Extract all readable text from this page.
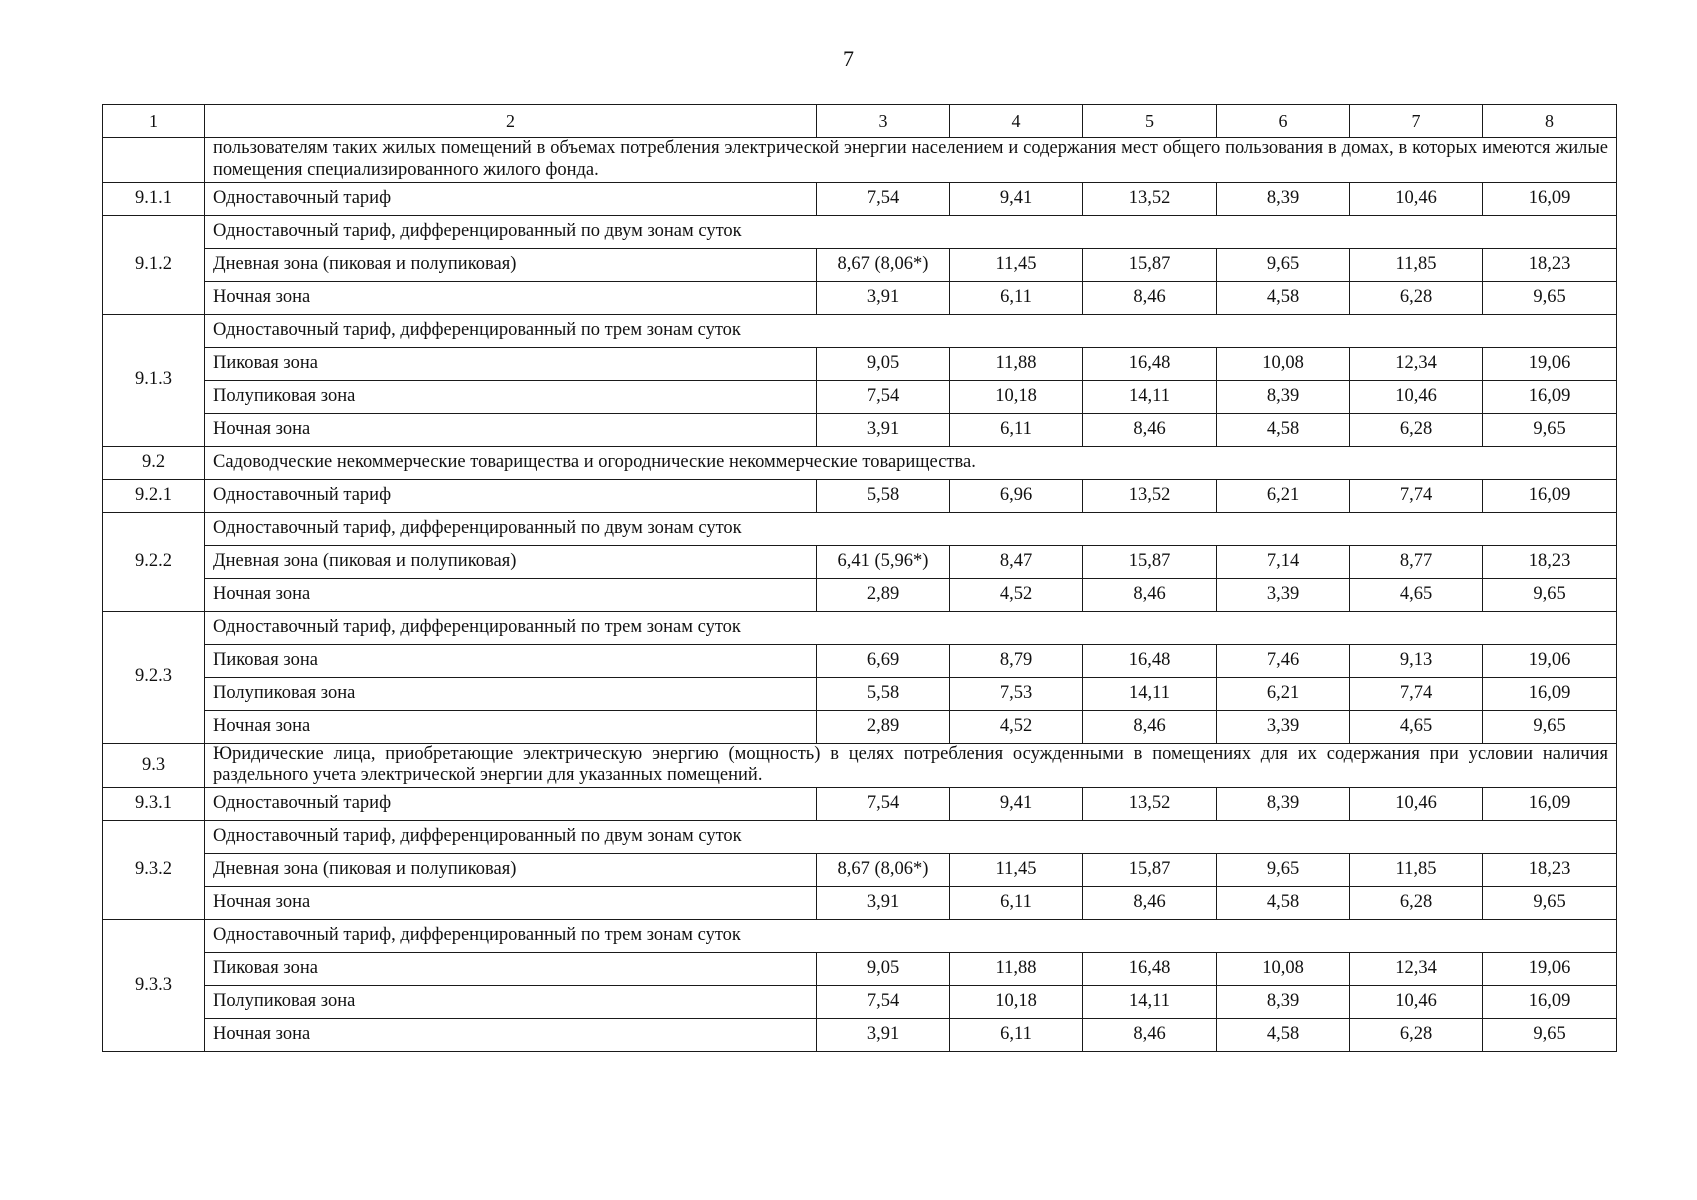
7
1	2	3	4	5	6	7	8
	пользователям таких жилых помещений в объемах потребления электрической энергии населением и содержания мест общего пользования в домах, в которых имеются жилые помещения специализированного жилого фонда.						
9.1.1	Одноставочный тариф	7,54	9,41	13,52	8,39	10,46	16,09
9.1.2	Одноставочный тариф, дифференцированный по двум зонам суток						
	Дневная зона (пиковая и полупиковая)	8,67 (8,06*)	11,45	15,87	9,65	11,85	18,23
	Ночная зона	3,91	6,11	8,46	4,58	6,28	9,65
9.1.3	Одноставочный тариф, дифференцированный по трем зонам суток						
	Пиковая зона	9,05	11,88	16,48	10,08	12,34	19,06
	Полупиковая зона	7,54	10,18	14,11	8,39	10,46	16,09
	Ночная зона	3,91	6,11	8,46	4,58	6,28	9,65
9.2	Садоводческие некоммерческие товарищества и огороднические некоммерческие товарищества.						
9.2.1	Одноставочный тариф	5,58	6,96	13,52	6,21	7,74	16,09
9.2.2	Одноставочный тариф, дифференцированный по двум зонам суток						
	Дневная зона (пиковая и полупиковая)	6,41 (5,96*)	8,47	15,87	7,14	8,77	18,23
	Ночная зона	2,89	4,52	8,46	3,39	4,65	9,65
9.2.3	Одноставочный тариф, дифференцированный по трем зонам суток						
	Пиковая зона	6,69	8,79	16,48	7,46	9,13	19,06
	Полупиковая зона	5,58	7,53	14,11	6,21	7,74	16,09
	Ночная зона	2,89	4,52	8,46	3,39	4,65	9,65
9.3	Юридические лица, приобретающие электрическую энергию (мощность) в целях потребления осужденными в помещениях для их содержания при условии наличия раздельного учета электрической энергии для указанных помещений.						
9.3.1	Одноставочный тариф	7,54	9,41	13,52	8,39	10,46	16,09
9.3.2	Одноставочный тариф, дифференцированный по двум зонам суток						
	Дневная зона (пиковая и полупиковая)	8,67 (8,06*)	11,45	15,87	9,65	11,85	18,23
	Ночная зона	3,91	6,11	8,46	4,58	6,28	9,65
9.3.3	Одноставочный тариф, дифференцированный по трем зонам суток						
	Пиковая зона	9,05	11,88	16,48	10,08	12,34	19,06
	Полупиковая зона	7,54	10,18	14,11	8,39	10,46	16,09
	Ночная зона	3,91	6,11	8,46	4,58	6,28	9,65
